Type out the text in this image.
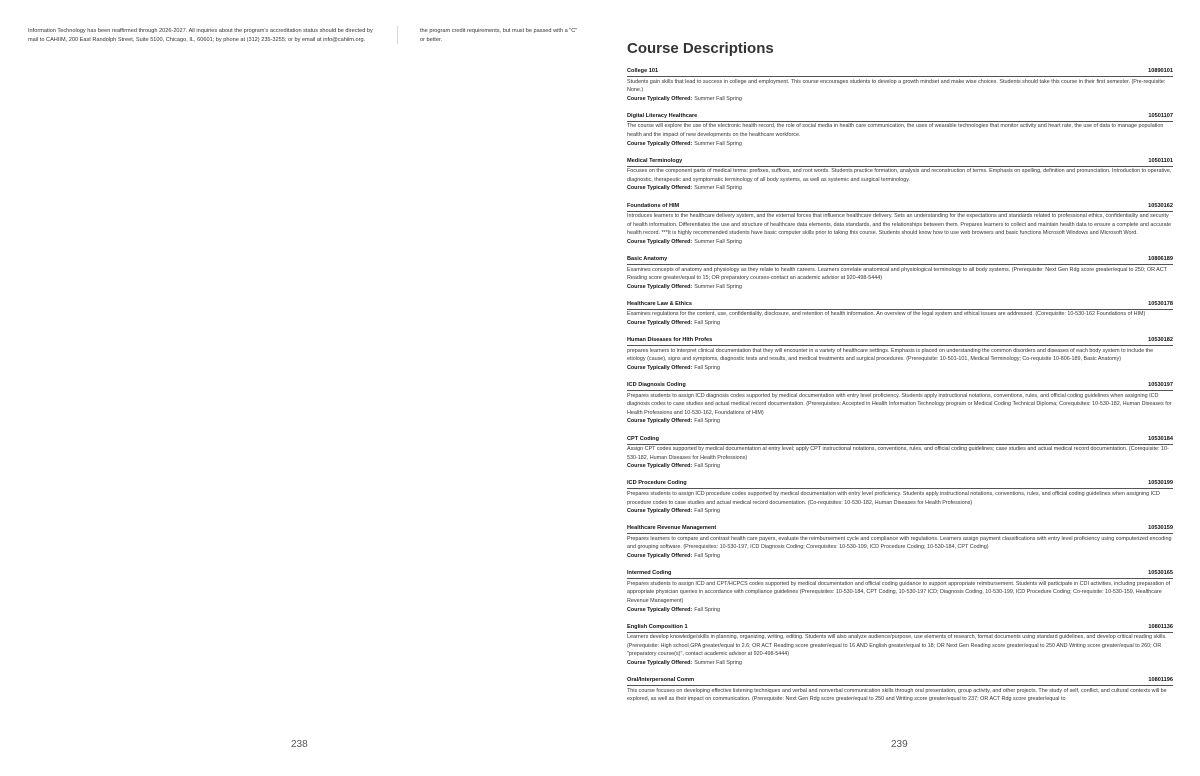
Information Technology has been reaffirmed through 2026-2027. All inquiries about the program's accreditation status should be directed by mail to CAHIIM, 200 East Randolph Street, Suite 5100, Chicago, IL, 60601; by phone at (312) 235-3255; or by email at info@cahiim.org.

the program credit requirements, but must be passed with a "C" or better.

238
Course Descriptions
College 101	10890101
Students gain skills that lead to success in college and employment. This course encourages students to develop a growth mindset and make wise choices. Students should take this course in their first semester. (Pre-requisite: None.)
Course Typically Offered: Summer Fall Spring
Digital Literacy Healthcare	10501107
The course will explore the use of the electronic health record, the role of social media in health care communication, the uses of wearable technologies that monitor activity and heart rate, the use of data to manage population health and the impact of new developments on the healthcare workforce.
Course Typically Offered: Summer Fall Spring
Medical Terminology	10501101
Focuses on the component parts of medical terms: prefixes, suffixes, and root words. Students practice formation, analysis and reconstruction of terms. Emphasis on spelling, definition and pronunciation. Introduction to operative, diagnostic, therapeutic and symptomatic terminology of all body systems, as well as systemic and surgical terminology.
Course Typically Offered: Summer Fall Spring
Foundations of HIM	10530162
Introduces learners to the healthcare delivery system, and the external forces that influence healthcare delivery. Sets an understanding for the expectations and standards related to professional ethics, confidentiality and security of health information. Differentiates the use and structure of healthcare data elements, data standards, and the relationships between them. Prepares learners to collect and maintain health data to ensure a complete and accurate health record. ***It is highly recommended students have basic computer skills prior to taking this course. Students should know how to use web browsers and basic functions Microsoft Windows and Microsoft Word.
Course Typically Offered: Summer Fall Spring
Basic Anatomy	10806189
Examines concepts of anatomy and physiology as they relate to health careers. Learners correlate anatomical and physiological terminology to all body systems. (Prerequisite: Next Gen Rdg score greater/equal to 250; OR ACT Reading score greater/equal to 15; OR preparatory courses-contact an academic advisor at 920-498-5444)
Course Typically Offered: Summer Fall Spring
Healthcare Law & Ethics	10530178
Examines regulations for the content, use, confidentiality, disclosure, and retention of health information. An overview of the legal system and ethical issues are addressed. (Corequisite: 10-530-162 Foundations of HIM)
Course Typically Offered: Fall Spring
Human Diseases for Hlth Profes	10530182
prepares learners to interpret clinical documentation that they will encounter in a variety of healthcare settings. Emphasis is placed on understanding the common disorders and diseases of each body system to include the etiology (cause), signs and symptoms, diagnostic tests and results, and medical treatments and surgical procedures. (Prerequisite: 10-501-101, Medical Terminology; Co-requisite 10-806-189, Basic Anatomy)
Course Typically Offered: Fall Spring
ICD Diagnosis Coding	10530197
Prepares students to assign ICD diagnosis codes supported by medical documentation with entry level proficiency. Students apply instructional notations, conventions, rules, and official coding guidelines when assigning ICD diagnosis codes to case studies and actual medical record documentation. (Prerequisites: Accepted in Health Information Technology program or Medical Coding Technical Diploma; Corequisites: 10-530-182, Human Diseases for Health Professions and 10-530-162, Foundations of HIM)
Course Typically Offered: Fall Spring
CPT Coding	10530184
Assign CPT codes supported by medical documentation at entry level; apply CPT instructional notations, conventions, rules, and official coding guidelines; case studies and actual medical record documentation. (Corequisite: 10-530-182, Human Diseases for Health Professions)
Course Typically Offered: Fall Spring
ICD Procedure Coding	10530199
Prepares students to assign ICD procedure codes supported by medical documentation with entry level proficiency. Students apply instructional notations, conventions, rules, and official coding guidelines when assigning ICD procedure codes to case studies and actual medical record documentation. (Co-requisites: 10-530-182, Human Diseases for Health Professions)
Course Typically Offered: Fall Spring
Healthcare Revenue Management	10530159
Prepares learners to compare and contrast health care payers, evaluate the reimbursement cycle and compliance with regulations. Learners assign payment classifications with entry level proficiency using computerized encoding and grouping software. (Prerequisites: 10-530-197, ICD Diagnosis Coding; Corequisites: 10-530-199, ICD Procedure Coding; 10-530-184, CPT Coding)
Course Typically Offered: Fall Spring
Intermed Coding	10530165
Prepares students to assign ICD and CPT/HCPCS codes supported by medical documentation and official coding guidance to support appropriate reimbursement. Students will participate in CDI activities, including preparation of appropriate physician queries in accordance with compliance guidelines (Prerequisites: 10-530-184, CPT Coding, 10-530-197 ICD; Diagnosis Coding, 10-530-199, ICD Procedure Coding; Co-requisite: 10-530-159, Healthcare Revenue Management)
Course Typically Offered: Fall Spring
English Composition 1	10801136
Learners develop knowledge/skills in planning, organizing, writing, editing. Students will also analyze audience/purpose, use elements of research, format documents using standard guidelines, and develop critical reading skills. (Prerequisite: High school GPA greater/equal to 2.6; OR ACT Reading score greater/equal to 16 AND English greater/equal to 18; OR Next Gen Reading score greater/equal to 250 AND Writing score greater/equal to 260; OR "preparatory course(s)", contact academic advisor at 920-498-5444)
Course Typically Offered: Summer Fall Spring
Oral/Interpersonal Comm	10801196
This course focuses on developing effective listening techniques and verbal and nonverbal communication skills through oral presentation, group activity, and other projects. The study of self, conflict, and cultural contexts will be explored, as well as their impact on communication. (Prerequisite: Next Gen Rdg score greater/equal to 250 and Writing score greater/equal to 237; OR ACT Rdg score greater/equal to
239
